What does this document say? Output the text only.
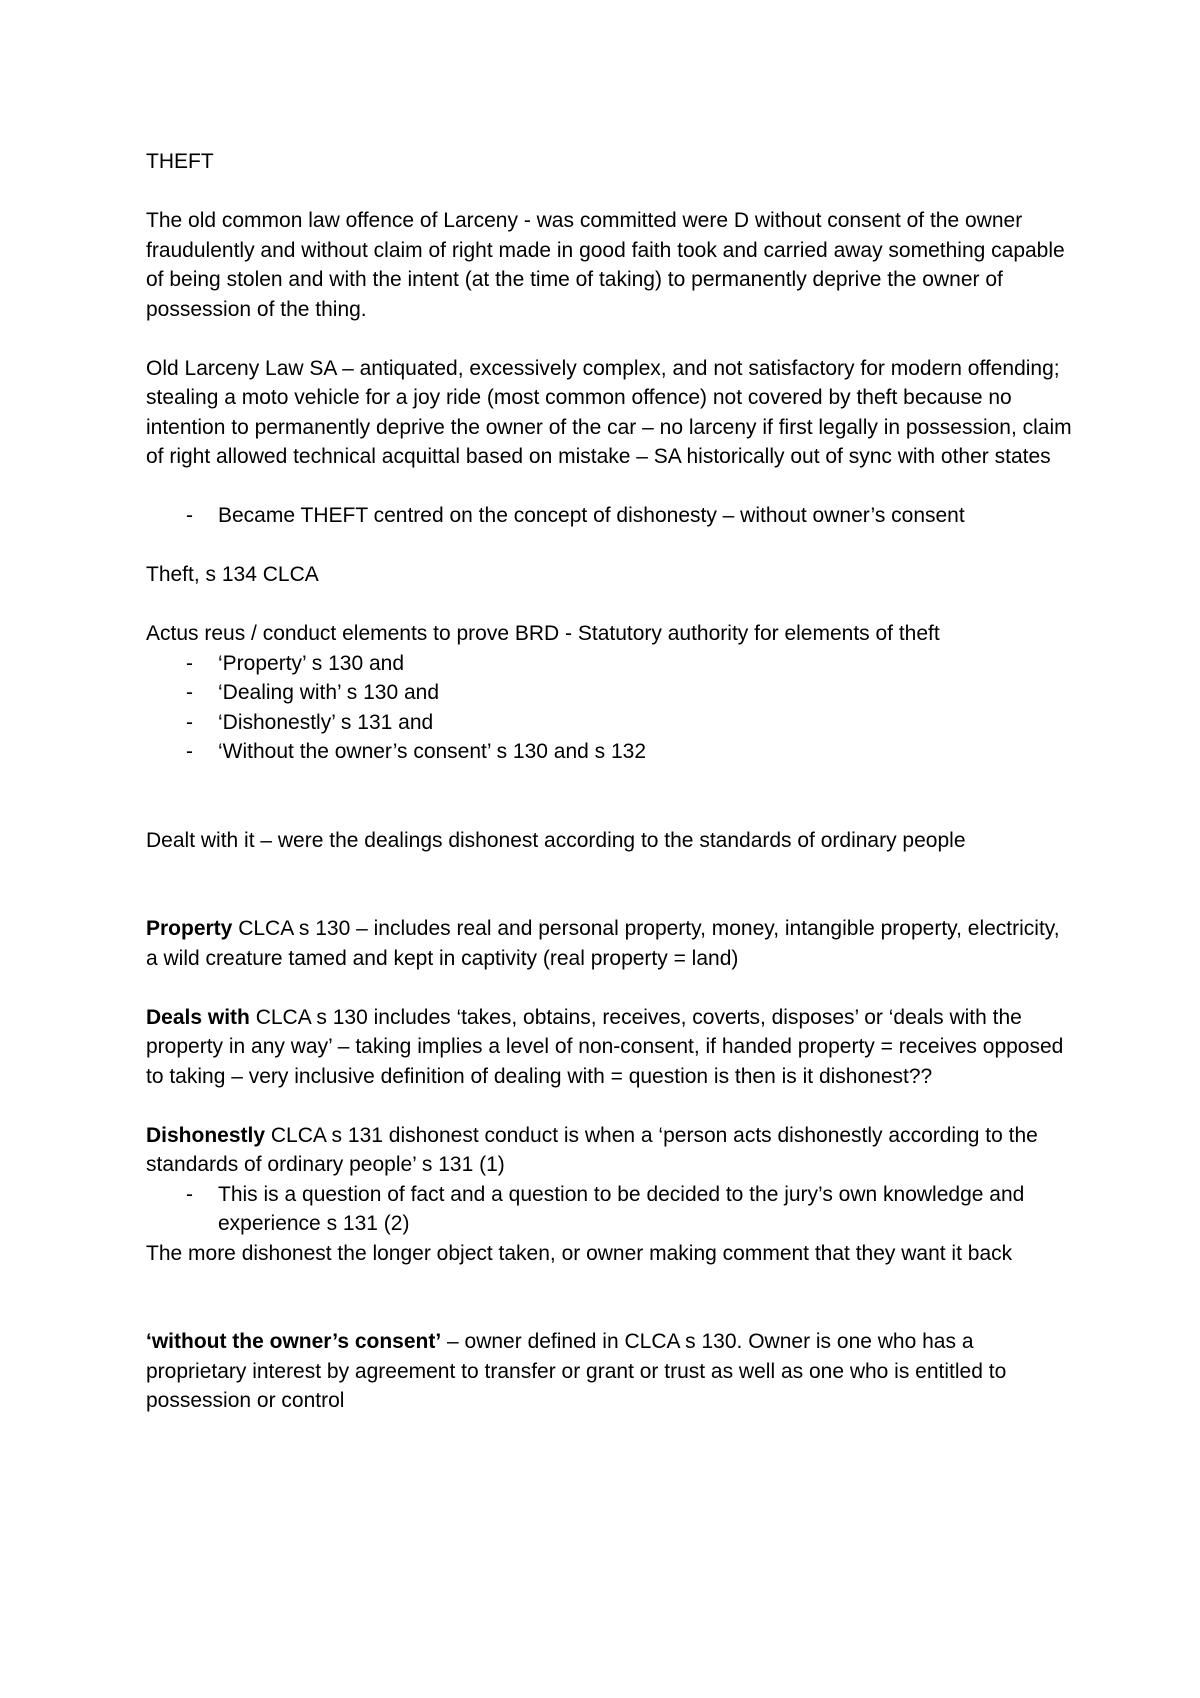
THEFT

The old common law offence of Larceny - was committed were D without consent of the owner fraudulently and without claim of right made in good faith took and carried away something capable of being stolen and with the intent (at the time of taking) to permanently deprive the owner of possession of the thing.

Old Larceny Law SA – antiquated, excessively complex, and not satisfactory for modern offending; stealing a moto vehicle for a joy ride (most common offence) not covered by theft because no intention to permanently deprive the owner of the car – no larceny if first legally in possession, claim of right allowed technical acquittal based on mistake – SA historically out of sync with other states

- Became THEFT centred on the concept of dishonesty – without owner’s consent

Theft, s 134 CLCA

Actus reus / conduct elements to prove BRD - Statutory authority for elements of theft

- ‘Property’ s 130 and

- ‘Dealing with’ s 130 and

- ‘Dishonestly’ s 131 and

- ‘Without the owner’s consent’ s 130 and s 132

Dealt with it – were the dealings dishonest according to the standards of ordinary people

Property CLCA s 130 – includes real and personal property, money, intangible property, electricity, a wild creature tamed and kept in captivity (real property = land)

Deals with CLCA s 130 includes ‘takes, obtains, receives, coverts, disposes’ or ‘deals with the property in any way’ – taking implies a level of non-consent, if handed property = receives opposed to taking – very inclusive definition of dealing with = question is then is it dishonest??

Dishonestly CLCA s 131 dishonest conduct is when a ‘person acts dishonestly according to the standards of ordinary people’ s 131 (1)

- This is a question of fact and a question to be decided to the jury’s own knowledge and experience s 131 (2)

The more dishonest the longer object taken, or owner making comment that they want it back

‘without the owner’s consent’ – owner defined in CLCA s 130. Owner is one who has a proprietary interest by agreement to transfer or grant or trust as well as one who is entitled to possession or control
